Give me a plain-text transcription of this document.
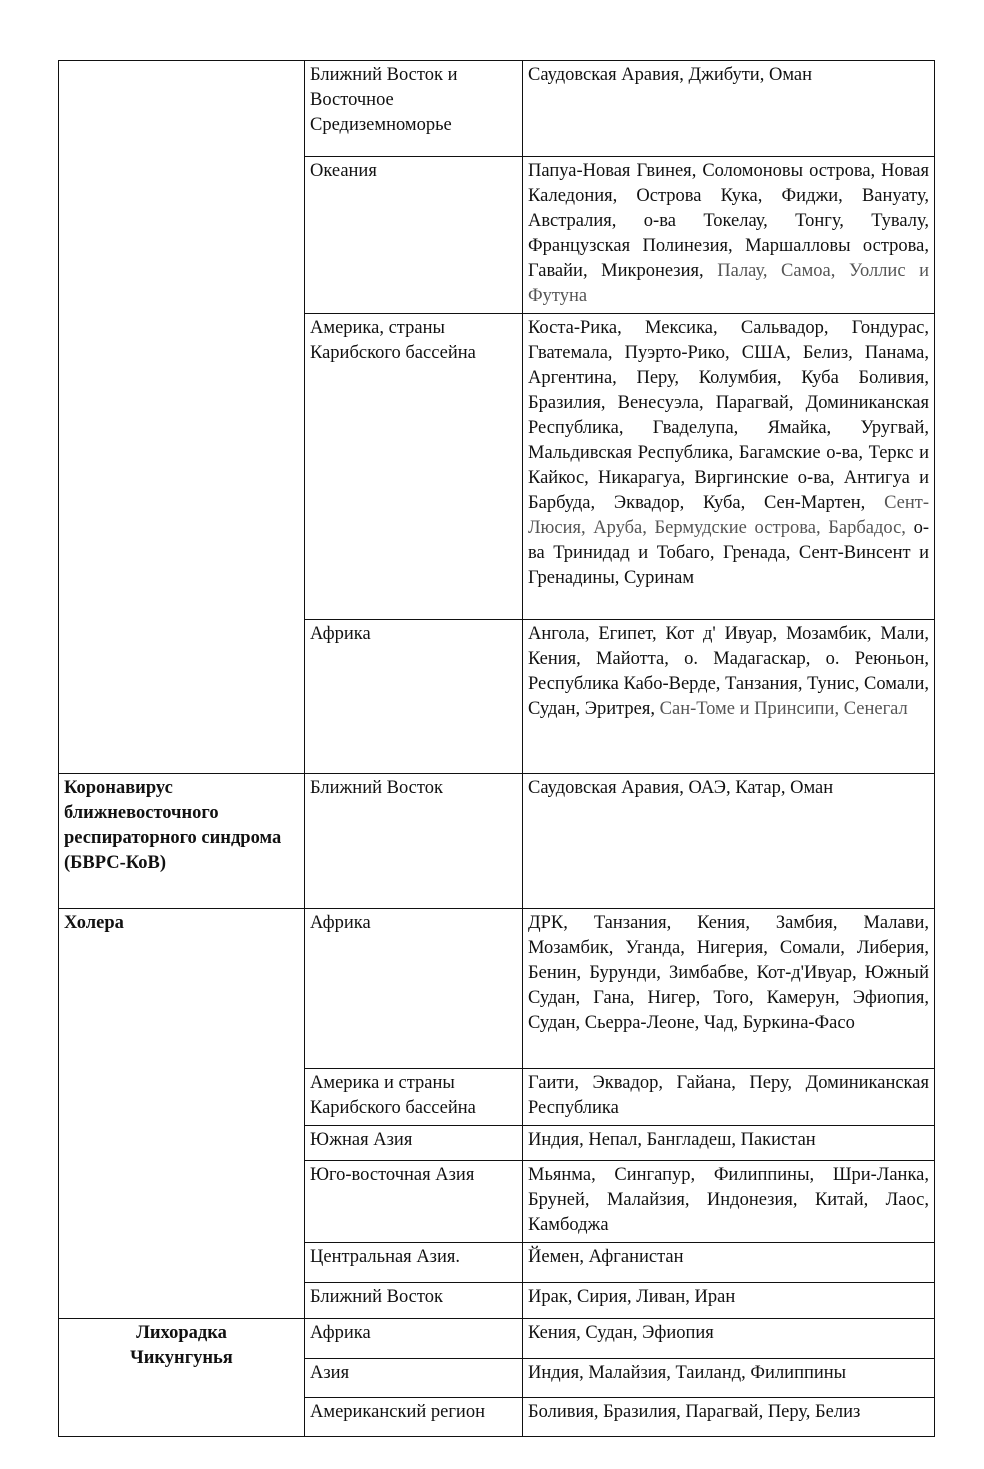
	Ближний Восток и Восточное Средиземноморье	Саудовская Аравия, Джибути, Оман
	Океания	Папуа-Новая Гвинея, Соломоновы острова, Новая Каледония, Острова Кука, Фиджи, Вануату, Австралия, о-ва Токелау, Тонгу, Тувалу, Французская Полинезия, Маршалловы острова, Гавайи, Микронезия, Палау, Самоа, Уоллис и Футуна
	Америка, страны Карибского бассейна	Коста-Рика, Мексика, Сальвадор, Гондурас, Гватемала, Пуэрто-Рико, США, Белиз, Панама, Аргентина, Перу, Колумбия, Куба Боливия, Бразилия, Венесуэла, Парагвай, Доминиканская Республика, Гваделупа, Ямайка, Уругвай, Мальдивская Республика, Багамские о-ва, Теркс и Кайкос, Никарагуа, Виргинские о-ва, Антигуа и Барбуда, Эквадор, Куба, Сен-Мартен, Сент-Люсия, Аруба, Бермудские острова, Барбадос, о-ва Тринидад и Тобаго, Гренада, Сент-Винсент и Гренадины, Суринам
	Африка	Ангола, Египет, Кот д' Ивуар, Мозамбик, Мали, Кения, Майотта, о. Мадагаскар, о. Реюньон, Республика Кабо-Верде, Танзания, Тунис, Сомали, Судан, Эритрея, Сан-Томе и Принсипи, Сенегал
Коронавирус ближневосточного респираторного синдрома (БВРС-КоВ)	Ближний Восток	Саудовская Аравия, ОАЭ, Катар, Оман
Холера	Африка	ДРК, Танзания, Кения, Замбия, Малави, Мозамбик, Уганда, Нигерия, Сомали, Либерия, Бенин, Бурунди, Зимбабве, Кот-д'Ивуар, Южный Судан, Гана, Нигер, Того, Камерун, Эфиопия, Судан, Сьерра-Леоне, Чад, Буркина-Фасо
	Америка и страны Карибского бассейна	Гаити, Эквадор, Гайана, Перу, Доминиканская Республика
	Южная Азия	Индия, Непал, Бангладеш, Пакистан
	Юго-восточная Азия	Мьянма, Сингапур, Филиппины, Шри-Ланка, Бруней, Малайзия, Индонезия, Китай, Лаос, Камбоджа
	Центральная Азия.	Йемен, Афганистан
	Ближний Восток	Ирак, Сирия, Ливан, Иран
Лихорадка Чикунгунья	Африка	Кения, Судан, Эфиопия
	Азия	Индия, Малайзия, Таиланд, Филиппины
	Американский регион	Боливия, Бразилия, Парагвай, Перу, Белиз
